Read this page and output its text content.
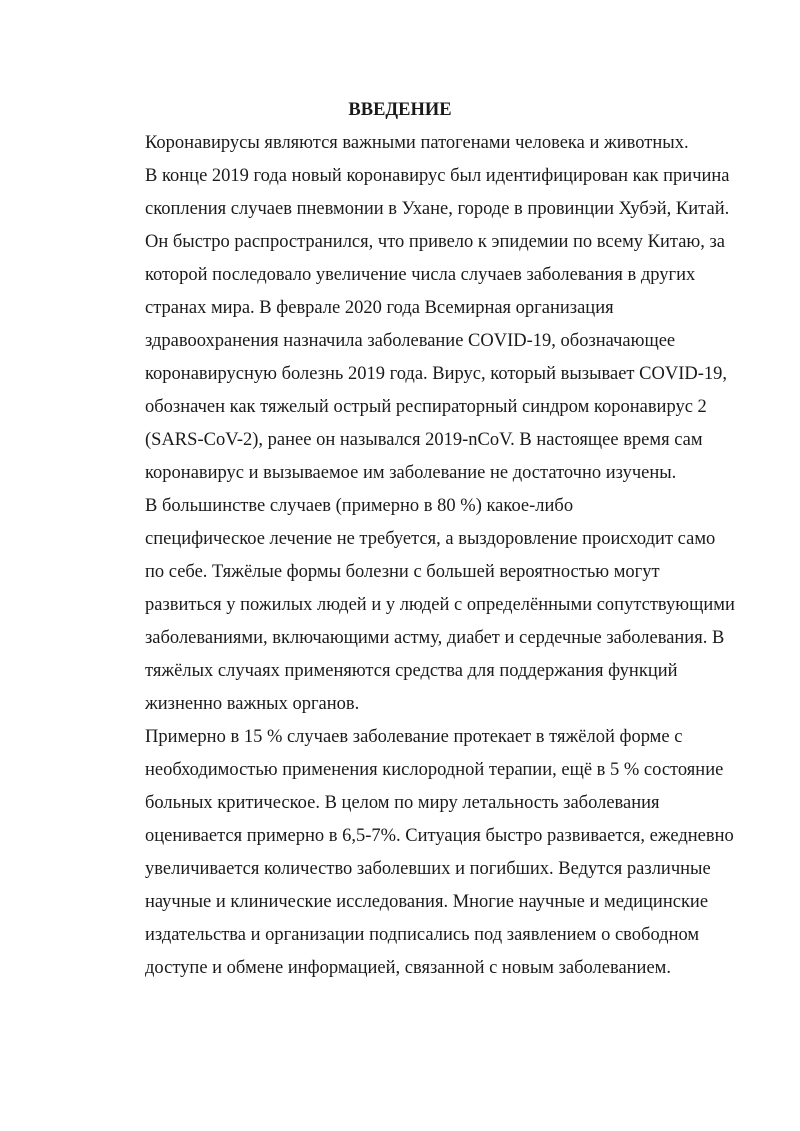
ВВЕДЕНИЕ

Коронавирусы являются важными патогенами человека и животных.
В конце 2019 года новый коронавирус был идентифицирован как причина
скопления случаев пневмонии в Ухане, городе в провинции Хубэй, Китай.
Он быстро распространился, что привело к эпидемии по всему Китаю, за
которой последовало увеличение числа случаев заболевания в других
странах мира. В феврале 2020 года Всемирная организация
здравоохранения назначила заболевание COVID-19, обозначающее
коронавирусную болезнь 2019 года. Вирус, который вызывает COVID-19,
обозначен как тяжелый острый респираторный синдром коронавирус 2
(SARS-CoV-2), ранее он назывался 2019-nCoV. В настоящее время сам
коронавирус и вызываемое им заболевание не достаточно изучены.

В большинстве случаев (примерно в 80 %) какое-либо
специфическое лечение не требуется, а выздоровление происходит само
по себе. Тяжёлые формы болезни с большей вероятностью могут
развиться у пожилых людей и у людей с определёнными сопутствующими
заболеваниями, включающими астму, диабет и сердечные заболевания. В
тяжёлых случаях применяются средства для поддержания функций
жизненно важных органов.

Примерно в 15 % случаев заболевание протекает в тяжёлой форме с
необходимостью применения кислородной терапии, ещё в 5 % состояние
больных критическое. В целом по миру летальность заболевания
оценивается примерно в 6,5-7%. Ситуация быстро развивается, ежедневно
увеличивается количество заболевших и погибших. Ведутся различные
научные и клинические исследования. Многие научные и медицинские
издательства и организации подписались под заявлением о свободном
доступе и обмене информацией, связанной с новым заболеванием.
